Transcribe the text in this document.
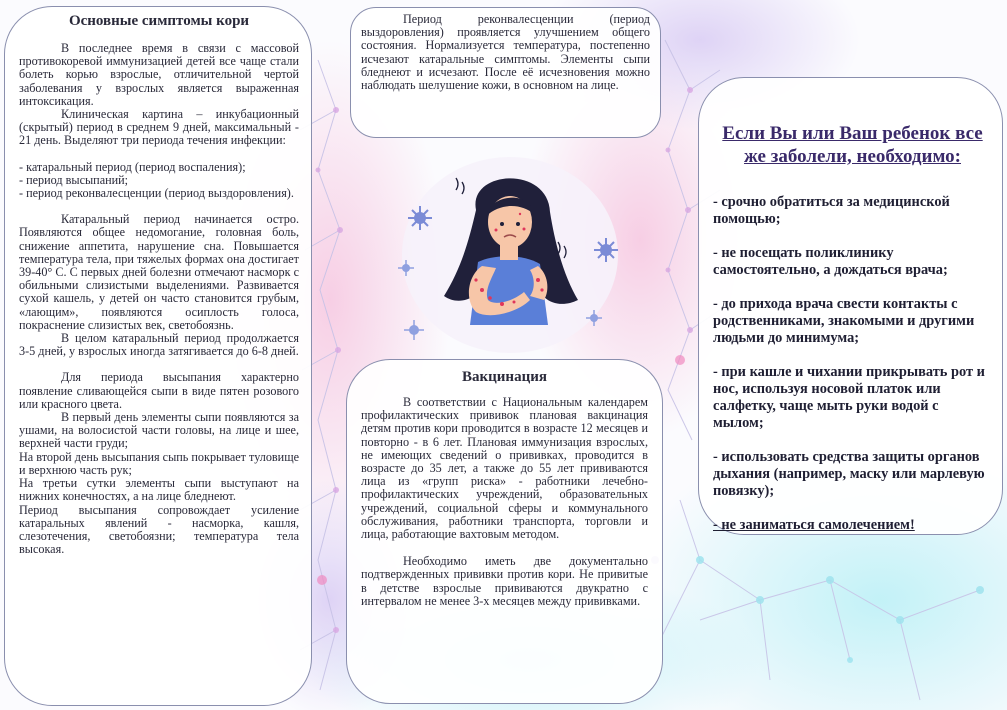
Основные симптомы кори

В последнее время в связи с массовой противокоревой иммунизацией детей все чаще стали болеть корью взрослые, отличительной чертой заболевания у взрослых является выраженная интоксикация.

Клиническая картина – инкубационный (скрытый) период в среднем 9 дней, максимальный - 21 день. Выделяют три периода течения инфекции:

- катаральный период (период воспаления);
- период высыпаний;
- период реконвалесценции (период выздоровления).

Катаральный период начинается остро. Появляются общее недомогание, головная боль, снижение аппетита, нарушение сна. Повышается температура тела, при тяжелых формах она достигает 39-40° С. С первых дней болезни отмечают насморк с обильными слизистыми выделениями. Развивается сухой кашель, у детей он часто становится грубым, «лающим», появляются осиплость голоса, покраснение слизистых век, светобоязнь.

В целом катаральный период продолжается 3-5 дней, у взрослых иногда затягивается до 6-8 дней.

Для периода высыпания характерно появление сливающейся сыпи в виде пятен розового или красного цвета.

В первый день элементы сыпи появляются за ушами, на волосистой части головы, на лице и шее, верхней части груди;

На второй день высыпания сыпь покрывает туловище и верхнюю часть рук;
На третьи сутки элементы сыпи выступают на нижних конечностях, а на лице бледнеют.
Период высыпания сопровождает усиление катаральных явлений - насморка, кашля, слезотечения, светобоязни; температура тела высокая.

Период реконвалесценции (период выздоровления) проявляется улучшением общего состояния. Нормализуется температура, постепенно исчезают катаральные симптомы. Элементы сыпи бледнеют и исчезают. После её исчезновения можно наблюдать шелушение кожи, в основном на лице.

Вакцинация

В соответствии с Национальным календарем профилактических прививок плановая вакцинация детям против кори проводится в возрасте 12 месяцев и повторно - в 6 лет. Плановая иммунизация взрослых, не имеющих сведений о прививках, проводится в возрасте до 35 лет, а также до 55 лет прививаются лица из «групп риска» - работники лечебно-профилактических учреждений, образовательных учреждений, социальной сферы и коммунального обслуживания, работники транспорта, торговли и лица, работающие вахтовым методом.

Необходимо иметь две документально подтвержденных прививки против кори. Не привитые в детстве взрослые прививаются двукратно с интервалом не менее 3-х месяцев между прививками.

Если Вы или Ваш ребенок все же заболели, необходимо:
- срочно обратиться за медицинской помощью;
- не посещать поликлинику самостоятельно, а дождаться врача;
- до прихода врача свести контакты с родственниками, знакомыми и другими людьми до минимума;
- при кашле и чихании прикрывать рот и нос, используя носовой платок или салфетку, чаще мыть руки водой с мылом;
- использовать средства защиты органов дыхания (например, маску или марлевую повязку);
- не заниматься самолечением!
